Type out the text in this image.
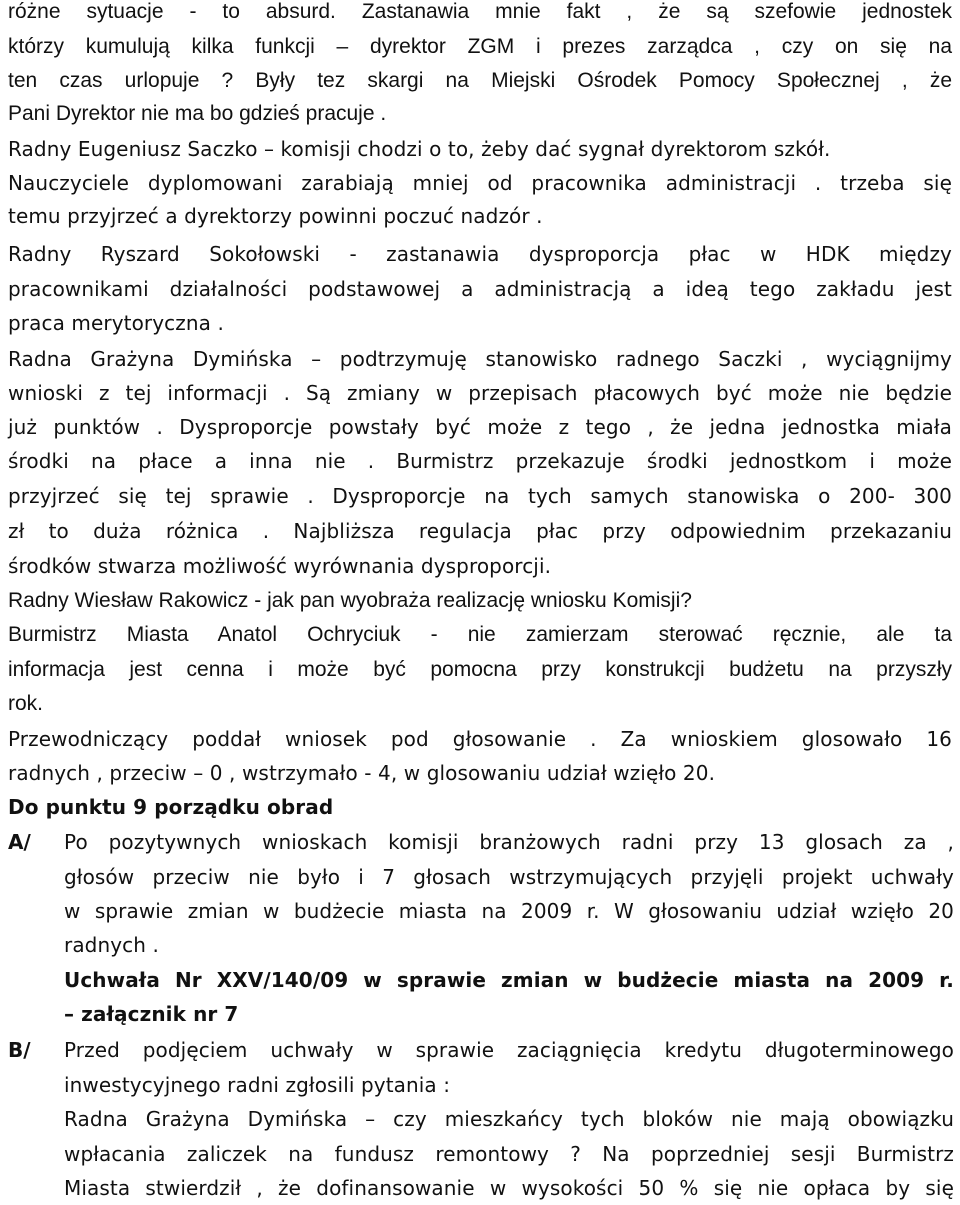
różne sytuacje - to absurd. Zastanawia mnie fakt , że są szefowie jednostek
którzy kumulują kilka funkcji – dyrektor ZGM i prezes zarządca , czy on się na
ten czas urlopuje ? Były tez skargi na Miejski Ośrodek Pomocy Społecznej , że
Pani Dyrektor nie ma bo gdzieś pracuje .
Radny Eugeniusz Saczko – komisji chodzi o to, żeby dać sygnał dyrektorom szkół.
Nauczyciele dyplomowani zarabiają mniej od pracownika administracji . trzeba się
temu przyjrzeć a dyrektorzy powinni poczuć nadzór .
Radny Ryszard Sokołowski - zastanawia dysproporcja płac w HDK między
pracownikami działalności podstawowej a administracją a ideą tego zakładu jest
praca merytoryczna .
Radna Grażyna Dymińska – podtrzymuję stanowisko radnego Saczki , wyciągnijmy
wnioski z tej informacji . Są zmiany w przepisach płacowych być może nie będzie
już punktów . Dysproporcje powstały być może z tego , że jedna jednostka miała
środki na płace a inna nie . Burmistrz przekazuje środki jednostkom i może
przyjrzeć się tej sprawie . Dysproporcje na tych samych stanowiska o 200- 300
zł to duża różnica . Najbliższa regulacja płac przy odpowiednim przekazaniu
środków stwarza możliwość wyrównania dysproporcji.
Radny Wiesław Rakowicz - jak pan wyobraża realizację wniosku Komisji?
Burmistrz Miasta Anatol Ochryciuk - nie zamierzam sterować ręcznie, ale ta
informacja jest cenna i może być pomocna przy konstrukcji budżetu na przyszły
rok.
Przewodniczący poddał wniosek pod głosowanie . Za wnioskiem glosowało 16
radnych , przeciw – 0 , wstrzymało - 4, w glosowaniu udział wzięło 20.
Do punktu 9 porządku obrad
A/ Po pozytywnych wnioskach komisji branżowych radni przy 13 glosach za ,
głosów przeciw nie było i 7 głosach wstrzymujących przyjęli projekt uchwały
w sprawie zmian w budżecie miasta na 2009 r. W głosowaniu udział wzięło 20
radnych .
Uchwała Nr XXV/140/09 w sprawie zmian w budżecie miasta na 2009 r.
– załącznik nr 7
B/ Przed podjęciem uchwały w sprawie zaciągnięcia kredytu długoterminowego
inwestycyjnego radni zgłosili pytania :
Radna Grażyna Dymińska – czy mieszkańcy tych bloków nie mają obowiązku
wpłacania zaliczek na fundusz remontowy ? Na poprzedniej sesji Burmistrz
Miasta stwierdził , że dofinansowanie w wysokości 50 % się nie opłaca by się
